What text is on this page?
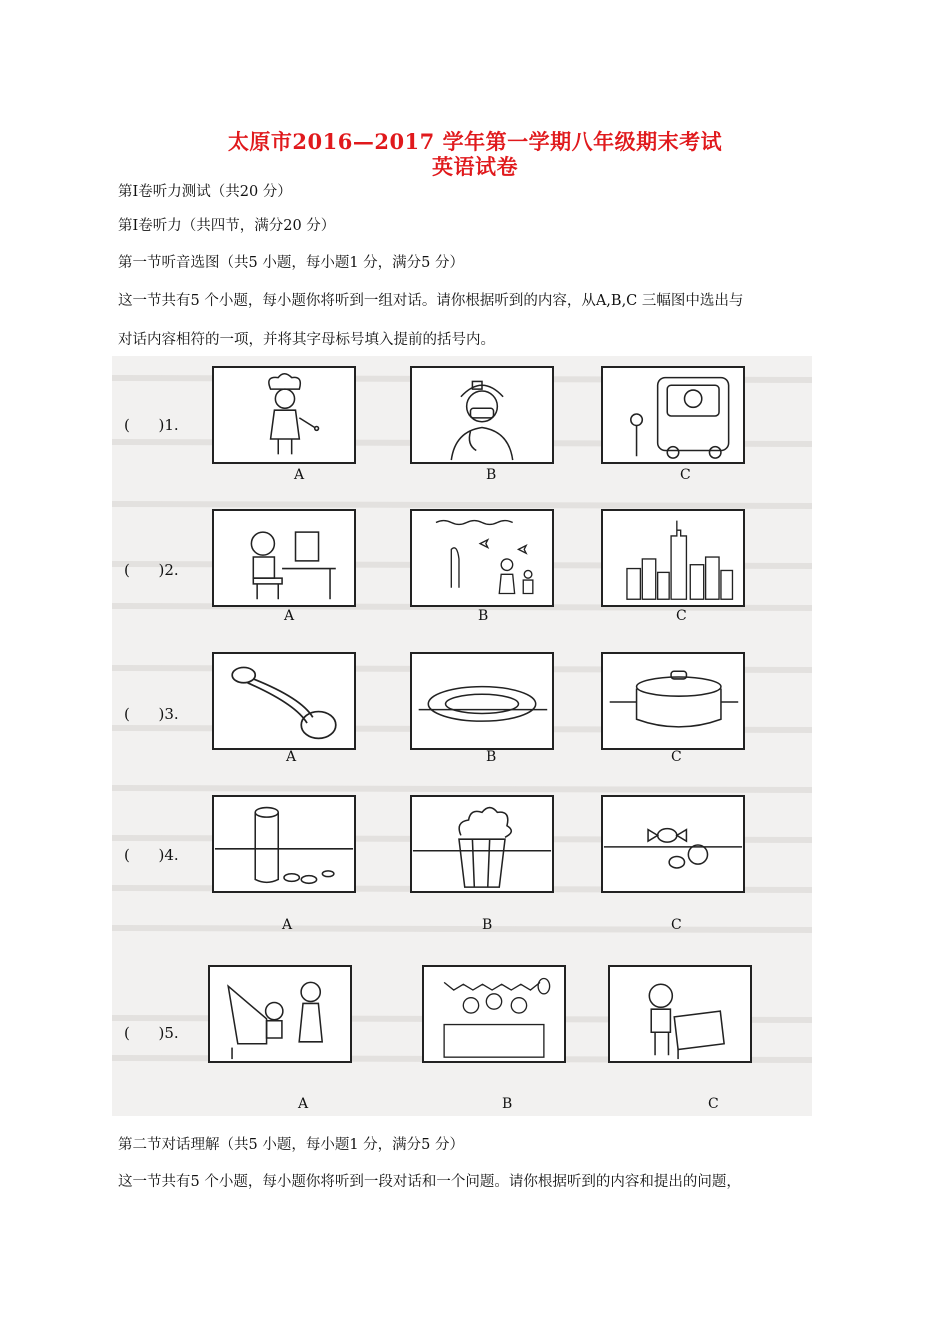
太原市2016—2017 学年第一学期八年级期末考试
英语试卷
第Ⅰ卷听力测试（共20 分）
第Ⅰ卷听力（共四节，满分20 分）
第一节听音选图（共5 小题，每小题1 分，满分5 分）
这一节共有5 个小题，每小题你将听到一组对话。请你根据听到的内容，从A,B,C 三幅图中选出与
对话内容相符的一项，并将其字母标号填入提前的括号内。
(      )1.
A	B	C
(      )2.
A	B	C
(      )3.
A	B	C
(      )4.
A	B	C
(      )5.
A	B	C
第二节对话理解（共5 小题，每小题1 分，满分5 分）
这一节共有5 个小题，每小题你将听到一段对话和一个问题。请你根据听到的内容和提出的问题，
